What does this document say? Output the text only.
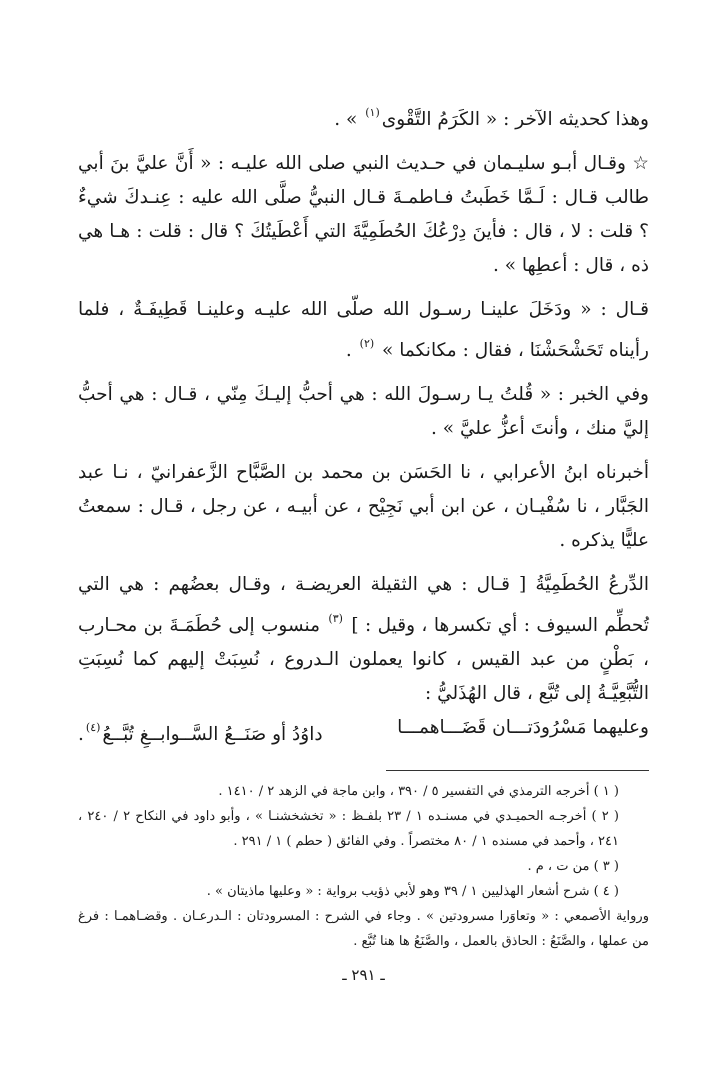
وهذا كحديثه الآخر : « الكَرَمُ التَّقْوى$^{(١)}$ » .

☆ وقـال أبـو سليـمان في حـديث النبي صلى الله عليـه : « أَنَّ عليَّ بنَ أبي طالب قـال : لَـمَّا خَطَبتُ فـاطمـةَ قـال النبيُّ صلَّى الله عليه : عِنـدكَ شيءٌ ؟ قلت : لا ، قال : فأينَ دِرْعُكَ الحُطَمِيَّةَ التي أَعْطَيتُكَ ؟ قال : قلت : هـا هي ذه ، قال : أعطِها » .

قـال : « ودَخَلَ علينـا رسـول الله صلّى الله عليـه وعلينـا قَطِيفَـةٌ ، فلما رأيناه تَحَشْحَشْنَا ، فقال : مكانكما » $^{(٢)}$ .

وفي الخبر : « قُلتُ يـا رسـولَ الله : هي أحبُّ إليـكَ مِنّي ، قـال : هي أحبُّ إليَّ منك ، وأنتَ أعزُّ عليَّ » .

أخبرناه ابنُ الأعرابي ، نا الحَسَن بن محمد بن الصَّبَّاح الزَّعفرانيّ ، نـا عبد الجَبَّار ، نا سُفْيـان ، عن ابن أبي نَجِيْح ، عن أبيـه ، عن رجل ، قـال : سمعتُ عليًّا يذكره .

الدِّرعُ الحُطَمِيَّةُ [ قـال : هي الثقيلة العريضـة ، وقـال بعضُهم : هي التي تُحطِّم السيوف : أي تكسرها ، وقيل : ] $^{(٣)}$ منسوب إلى حُطَمَـةَ بن محـارب ، بَطْنٍ من عبد القيس ، كانوا يعملون الـدروع ، نُسِبَتْ إليهم كما نُسِبَتِ التُّبَّعِيَّـةُ إلى تُبَّع ، قال الهُذَليُّ :

وعليهما مَسْرُودَتـــان قَضَـــاهمـــا
داوُدُ أو صَنَــعُ السَّــوابــغِ تُبَّــعُ$^{(٤)}$.

( ١ ) أخرجه الترمذي في التفسير ٥ / ٣٩٠ ، وابن ماجة في الزهد ٢ / ١٤١٠ .

( ٢ ) أخرجـه الحميـدي في مسنـده ١ / ٢٣ بلفـظ : « تخشخشنـا » ، وأبو داود في النكاح ٢ / ٢٤٠ ، ٢٤١ ، وأحمد في مسنده ١ / ٨٠ مختصراً . وفي الفائق ( حطم ) ١ / ٢٩١ .

( ٣ ) من ت ، م .

( ٤ ) شرح أشعار الهذليين ١ / ٣٩ وهو لأبي ذؤيب برواية : « وعليها ماذيتان » .

ورواية الأصمعي : « وتعاوَرا مسرودتين » . وجاء في الشرح : المسرودتان : الـدرعـان . وقضـاهمـا : فرغ من عملها ، والصَّنَعُ : الحاذق بالعمل ، والصَّنَعُ ها هنا تُبَّع .

ـ ٢٩١ ـ
